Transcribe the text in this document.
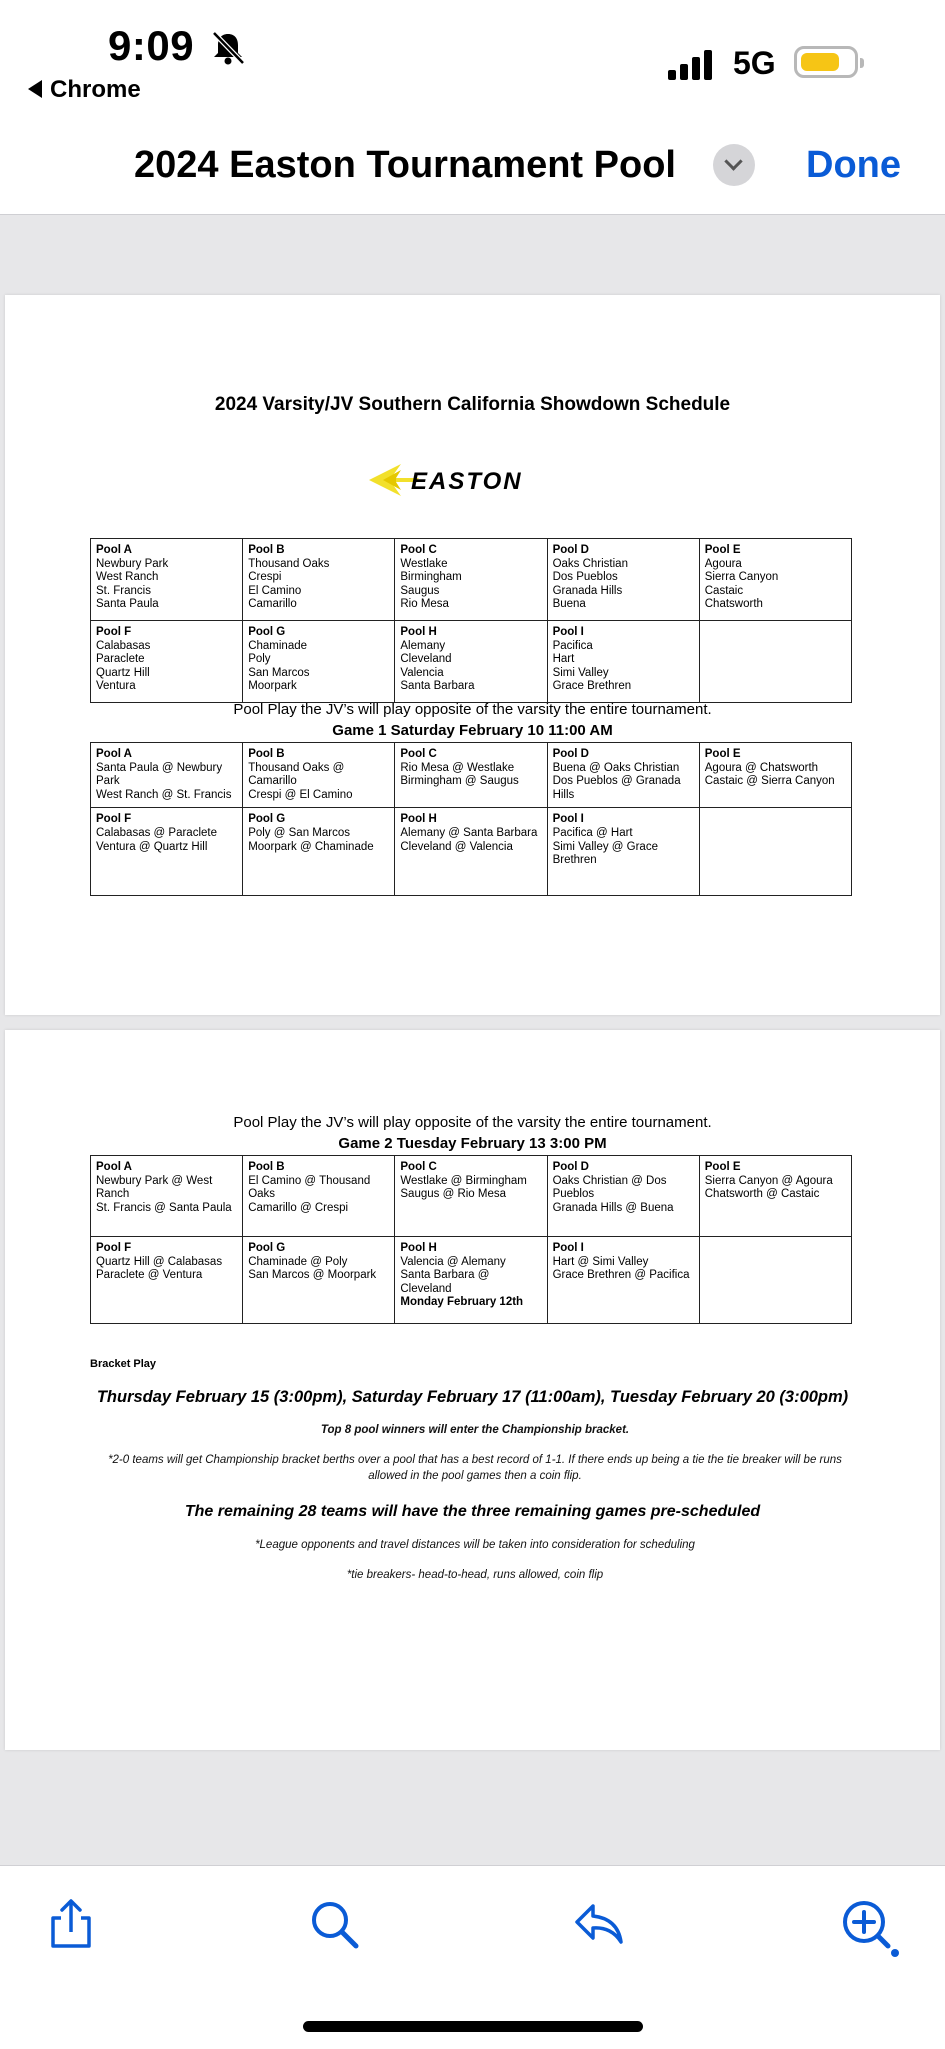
9:09
Chrome
5G
2024 Easton Tournament Pool	Done
2024 Varsity/JV Southern California Showdown Schedule
EASTON
Pool A
Newbury Park
West Ranch
St. Francis
Santa Paula	Pool B
Thousand Oaks
Crespi
El Camino
Camarillo	Pool C
Westlake
Birmingham
Saugus
Rio Mesa	Pool D
Oaks Christian
Dos Pueblos
Granada Hills
Buena	Pool E
Agoura
Sierra Canyon
Castaic
Chatsworth

Pool F
Calabasas
Paraclete
Quartz Hill
Ventura	Pool G
Chaminade
Poly
San Marcos
Moorpark	Pool H
Alemany
Cleveland
Valencia
Santa Barbara	Pool I
Pacifica
Hart
Simi Valley
Grace Brethren	

Pool Play the JV’s will play opposite of the varsity the entire tournament.
Game 1 Saturday February 10 11:00 AM
Pool A
Santa Paula @ Newbury Park
West Ranch @ St. Francis	Pool B
Thousand Oaks @ Camarillo
Crespi @ El Camino	Pool C
Rio Mesa @ Westlake
Birmingham @ Saugus	Pool D
Buena @ Oaks Christian
Dos Pueblos @ Granada Hills	Pool E
Agoura @ Chatsworth
Castaic @ Sierra Canyon

Pool F
Calabasas @ Paraclete
Ventura @ Quartz Hill	Pool G
Poly @ San Marcos
Moorpark @ Chaminade	Pool H
Alemany @ Santa Barbara
Cleveland @ Valencia	Pool I
Pacifica @ Hart
Simi Valley @ Grace Brethren	

Pool Play the JV’s will play opposite of the varsity the entire tournament.
Game 2 Tuesday February 13 3:00 PM
Pool A
Newbury Park @ West Ranch
St. Francis @ Santa Paula	Pool B
El Camino @ Thousand Oaks
Camarillo @ Crespi	Pool C
Westlake @ Birmingham
Saugus @ Rio Mesa	Pool D
Oaks Christian @ Dos Pueblos
Granada Hills @ Buena	Pool E
Sierra Canyon @ Agoura
Chatsworth @ Castaic

Pool F
Quartz Hill @ Calabasas
Paraclete @ Ventura	Pool G
Chaminade @ Poly
San Marcos @ Moorpark	Pool H
Valencia @ Alemany
Santa Barbara @ Cleveland
Monday February 12th	Pool I
Hart @ Simi Valley
Grace Brethren @ Pacifica	

Bracket Play
Thursday February 15 (3:00pm), Saturday February 17 (11:00am), Tuesday February 20 (3:00pm)
Top 8 pool winners will enter the Championship bracket.
*2-0 teams will get Championship bracket berths over a pool that has a best record of 1-1. If there ends up being a tie the tie breaker will be runs allowed in the pool games then a coin flip.
The remaining 28 teams will have the three remaining games pre-scheduled
*League opponents and travel distances will be taken into consideration for scheduling
*tie breakers- head-to-head, runs allowed, coin flip
